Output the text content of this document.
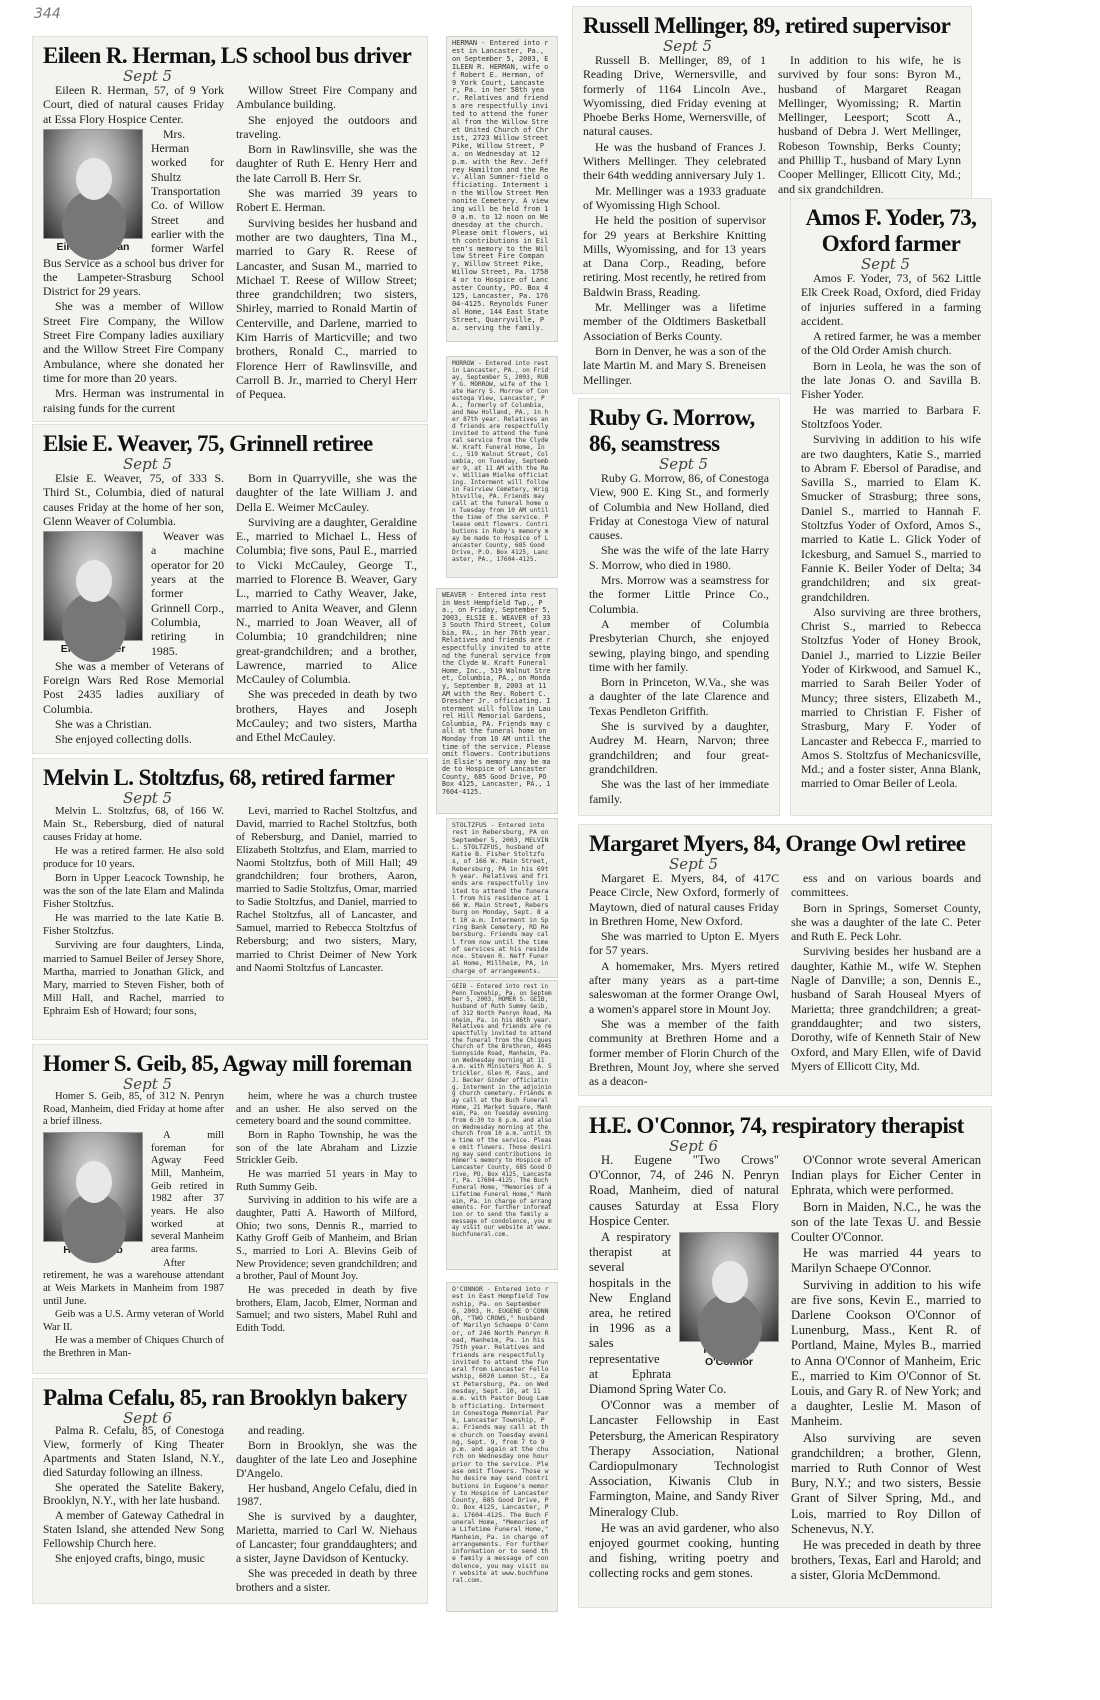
344
Eileen R. Herman, LS school bus driver
Sept 5

Eileen R. Herman, 57, of 9 York Court, died of natural causes Friday at Essa Flory Hospice Center.

Eileen Herman

Mrs. Herman worked for Shultz Transportation Co. of Willow Street and earlier with the former Warfel Bus Service as a school bus driver for the Lampeter-Strasburg School District for 29 years.

She was a member of Willow Street Fire Company, the Willow Street Fire Company ladies auxiliary and the Willow Street Fire Company Ambulance, where she donated her time for more than 20 years.

Mrs. Herman was instrumental in raising funds for the current

Willow Street Fire Company and Ambulance building.

She enjoyed the outdoors and traveling.

Born in Rawlinsville, she was the daughter of Ruth E. Henry Herr and the late Carroll B. Herr Sr.

She was married 39 years to Robert E. Herman.

Surviving besides her husband and mother are two daughters, Tina M., married to Gary R. Reese of Lancaster, and Susan M., married to Michael T. Reese of Willow Street; three grandchildren; two sisters, Shirley, married to Ronald Martin of Centerville, and Darlene, married to Kim Harris of Marticville; and two brothers, Ronald C., married to Florence Herr of Rawlinsville, and Carroll B. Jr., married to Cheryl Herr of Pequea.

Elsie E. Weaver, 75, Grinnell retiree
Sept 5

Elsie E. Weaver, 75, of 333 S. Third St., Columbia, died of natural causes Friday at the home of her son, Glenn Weaver of Columbia.

Elsie Weaver

Weaver was a machine operator for 20 years at the former Grinnell Corp., Columbia, retiring in 1985.

She was a member of Veterans of Foreign Wars Red Rose Memorial Post 2435 ladies auxiliary of Columbia.

She was a Christian.

She enjoyed collecting dolls.

Born in Quarryville, she was the daughter of the late William J. and Della E. Weimer McCauley.

Surviving are a daughter, Geraldine E., married to Michael L. Hess of Columbia; five sons, Paul E., married to Vicki McCauley, George T., married to Florence B. Weaver, Gary L., married to Cathy Weaver, Jake, married to Anita Weaver, and Glenn N., married to Joan Weaver, all of Columbia; 10 grandchildren; nine great-grandchildren; and a brother, Lawrence, married to Alice McCauley of Columbia.

She was preceded in death by two brothers, Hayes and Joseph McCauley; and two sisters, Martha and Ethel McCauley.

Melvin L. Stoltzfus, 68, retired farmer
Sept 5

Melvin L. Stoltzfus, 68, of 166 W. Main St., Rebersburg, died of natural causes Friday at home.

He was a retired farmer. He also sold produce for 10 years.

Born in Upper Leacock Township, he was the son of the late Elam and Malinda Fisher Stoltzfus.

He was married to the late Katie B. Fisher Stoltzfus.

Surviving are four daughters, Linda, married to Samuel Beiler of Jersey Shore, Martha, married to Jonathan Glick, and Mary, married to Steven Fisher, both of Mill Hall, and Rachel, married to Ephraim Esh of Howard; four sons,

Levi, married to Rachel Stoltzfus, and David, married to Rachel Stoltzfus, both of Rebersburg, and Daniel, married to Elizabeth Stoltzfus, and Elam, married to Naomi Stoltzfus, both of Mill Hall; 49 grandchildren; four brothers, Aaron, married to Sadie Stoltzfus, Omar, married to Sadie Stoltzfus, and Daniel, married to Rachel Stoltzfus, all of Lancaster, and Samuel, married to Rebecca Stoltzfus of Rebersburg; and two sisters, Mary, married to Christ Deimer of New York and Naomi Stoltzfus of Lancaster.

Homer S. Geib, 85, Agway mill foreman
Sept 5

Homer S. Geib, 85, of 312 N. Penryn Road, Manheim, died Friday at home after a brief illness.

Homer Geib

A mill foreman for Agway Feed Mill, Manheim, Geib retired in 1982 after 37 years. He also worked at several Manheim area farms.

After retirement, he was a warehouse attendant at Weis Markets in Manheim from 1987 until June.

Geib was a U.S. Army veteran of World War II.

He was a member of Chiques Church of the Brethren in Man-

heim, where he was a church trustee and an usher. He also served on the cemetery board and the sound committee.

Born in Rapho Township, he was the son of the late Abraham and Lizzie Strickler Geib.

He was married 51 years in May to Ruth Summy Geib.

Surviving in addition to his wife are a daughter, Patti A. Haworth of Milford, Ohio; two sons, Dennis R., married to Kathy Groff Geib of Manheim, and Brian S., married to Lori A. Blevins Geib of New Providence; seven grandchildren; and a brother, Paul of Mount Joy.

He was preceded in death by five brothers, Elam, Jacob, Elmer, Norman and Samuel; and two sisters, Mabel Ruhl and Edith Todd.

Palma Cefalu, 85, ran Brooklyn bakery
Sept 6

Palma R. Cefalu, 85, of Conestoga View, formerly of King Theater Apartments and Staten Island, N.Y., died Saturday following an illness.

She operated the Satelite Bakery, Brooklyn, N.Y., with her late husband.

A member of Gateway Cathedral in Staten Island, she attended New Song Fellowship Church here.

She enjoyed crafts, bingo, music

and reading.

Born in Brooklyn, she was the daughter of the late Leo and Josephine D'Angelo.

Her husband, Angelo Cefalu, died in 1987.

She is survived by a daughter, Marietta, married to Carl W. Niehaus of Lancaster; four granddaughters; and a sister, Jayne Davidson of Kentucky.

She was preceded in death by three brothers and a sister.

HERMAN - Entered into rest in Lancaster, Pa., on September 5, 2003, EILEEN R. HERMAN, wife of Robert E. Herman, of 9 York Court, Lancaster, Pa. in her 58th year. Relatives and friends are respectfully invited to attend the funeral from the Willow Street United Church of Christ, 2723 Willow Street Pike, Willow Street, Pa. on Wednesday at 12 p.m. with the Rev. Jeffrey Hamilton and the Rev. Allan Sumner-field officiating. Interment in the Willow Street Mennonite Cemetery. A viewing will be held from 10 a.m. to 12 noon on Wednesday at the church. Please omit flowers, with contributions in Eileen's memory to the Willow Street Fire Company, Willow Street Pike, Willow Street, Pa. 17584 or to Hospice of Lancaster County, PO. Box 4125, Lancaster, Pa. 17604-4125. Reynolds Funeral Home, 144 East State Street, Quarryville, Pa. serving the family.
MORROW - Entered into rest in Lancaster, PA., on Friday, September 5, 2003, RUBY G. MORROW, wife of the late Harry S. Morrow of Conestoga View, Lancaster, PA., formerly of Columbia, and New Holland, PA., in her 87th year. Relatives and friends are respectfully invited to attend the funeral service from the Clyde W. Kraft Funeral Home, Inc., 519 Walnut Street, Columbia, on Tuesday, September 9, at 11 AM with the Rev. William Mielke officiating. Interment will follow in Fairview Cemetery, Wrightsville, PA. Friends may call at the funeral home on Tuesday from 10 AM until the time of the service. Please omit flowers. Contributions in Ruby's memory may be made to Hospice of Lancaster County, 685 Good Drive, P.O. Box 4125, Lancaster, PA., 17604-4125.
WEAVER - Entered into rest in West Hempfield Twp., Pa., on Friday, September 5, 2003, ELSIE E. WEAVER of 333 South Third Street, Columbia, PA., in her 76th year. Relatives and friends are respectfully invited to attend the funeral service from the Clyde W. Kraft Funeral Home, Inc., 519 Walnut Street, Columbia, PA., on Monday, September 8, 2003 at 11 AM with the Rev. Robert C. Drescher Jr. officiating. Interment will follow in Laurel Hill Memorial Gardens, Columbia, PA. Friends may call at the funeral home on Monday from 10 AM until the time of the service. Please omit flowers. Contributions in Elsie's memory may be made to Hospice of Lancaster County, 685 Good Drive, PO Box 4125, Lancaster, PA., 17604-4125.
STOLTZFUS - Entered into rest in Rebersburg, PA on September 5, 2003, MELVIN L. STOLTZFUS, husband of Katie B. Fisher Stoltzfus, of 166 W. Main Street, Rebersburg, PA in his 69th year. Relatives and friends are respectfully invited to attend the funeral from his residence at 166 W. Main Street, Rebersburg on Monday, Sept. 8 at 10 a.m. Interment in Spring Bank Cemetery, RD Rebersburg. Friends may call from now until the time of services at his residence. Steven R. Neff Funeral Home, Millheim, PA, in charge of arrangements.
GEIB - Entered into rest in Penn Township, Pa. on September 5, 2003, HOMER S. GEIB, husband of Ruth Summy Geib, of 312 North Penryn Road, Manheim, Pa. in his 86th year. Relatives and friends are respectfully invited to attend the funeral from the Chiques Church of the Brethren, 4045 Sunnyside Road, Manheim, Pa. on Wednesday morning at 11 a.m. with Ministers Ron A. Strickler, Glen M. Faus, and J. Becker Ginder officiating. Interment in the adjoining church cemetery. Friends may call at the Buch Funeral Home, 21 Market Square, Manheim, Pa. on Tuesday evening from 6:30 to 8 p.m. and also on Wednesday morning at the church from 10 a.m. until the time of the service. Please omit flowers. Those desiring may send contributions in Homer's memory to Hospice of Lancaster County, 685 Good Drive, PO. Box 4125, Lancaster, Pa. 17604-4125. The Buch Funeral Home, "Memories of a Lifetime Funeral Home," Manheim, Pa. in charge of arrangements. For further information or to send the family a message of condolence, you may visit our website at www.buchfuneral.com.
O'CONNOR - Entered into rest in East Hempfield Township, Pa. on September 6, 2003, H. EUGENE O'CONNOR, "TWO CROWS," husband of Marilyn Schaepe O'Connor, of 246 North Penryn Road, Manheim, Pa. in his 75th year. Relatives and friends are respectfully invited to attend the funeral from Lancaster Fellowship, 6020 Lemon St., East Petersburg, Pa. on Wednesday, Sept. 10, at 11 a.m. with Pastor Doug Lamb officiating. Interment in Conestoga Memorial Park, Lancaster Township, Pa. Friends may call at the church on Tuesday evening, Sept. 9, from 7 to 9 p.m. and again at the church on Wednesday one hour prior to the service. Please omit flowers. Those who desire may send contributions in Eugene's memory to Hospice of Lancaster County, 685 Good Drive, PO. Box 4125, Lancaster, Pa. 17604-4125. The Buch Funeral Home, "Memories of a Lifetime Funeral Home," Manheim, Pa. in charge of arrangements. For further information or to send the family a message of condolence, you may visit our website at www.buchfuneral.com.
Russell Mellinger, 89, retired supervisor
Sept 5

Russell B. Mellinger, 89, of 1 Reading Drive, Wernersville, and formerly of 1164 Lincoln Ave., Wyomissing, died Friday evening at Phoebe Berks Home, Wernersville, of natural causes.

He was the husband of Frances J. Withers Mellinger. They celebrated their 64th wedding anniversary July 1.

Mr. Mellinger was a 1933 graduate of Wyomissing High School.

He held the position of supervisor for 29 years at Berkshire Knitting Mills, Wyomissing, and for 13 years at Dana Corp., Reading, before retiring. Most recently, he retired from Baldwin Brass, Reading.

Mr. Mellinger was a lifetime member of the Oldtimers Basketball Association of Berks County.

Born in Denver, he was a son of the late Martin M. and Mary S. Breneisen Mellinger.

In addition to his wife, he is survived by four sons: Byron M., husband of Margaret Reagan Mellinger, Wyomissing; R. Martin Mellinger, Leesport; Scott A., husband of Debra J. Wert Mellinger, Robeson Township, Berks County; and Phillip T., husband of Mary Lynn Cooper Mellinger, Ellicott City, Md.; and six grandchildren.

Amos F. Yoder, 73, Oxford farmer
Sept 5

Amos F. Yoder, 73, of 562 Little Elk Creek Road, Oxford, died Friday of injuries suffered in a farming accident.

A retired farmer, he was a member of the Old Order Amish church.

Born in Leola, he was the son of the late Jonas O. and Savilla B. Fisher Yoder.

He was married to Barbara F. Stoltzfoos Yoder.

Surviving in addition to his wife are two daughters, Katie S., married to Abram F. Ebersol of Paradise, and Savilla S., married to Elam K. Smucker of Strasburg; three sons, Daniel S., married to Hannah F. Stoltzfus Yoder of Oxford, Amos S., married to Katie L. Glick Yoder of Ickesburg, and Samuel S., married to Fannie K. Beiler Yoder of Delta; 34 grandchildren; and six great-grandchildren.

Also surviving are three brothers, Christ S., married to Rebecca Stoltzfus Yoder of Honey Brook, Daniel J., married to Lizzie Beiler Yoder of Kirkwood, and Samuel K., married to Sarah Beiler Yoder of Muncy; three sisters, Elizabeth M., married to Christian F. Fisher of Strasburg, Mary F. Yoder of Lancaster and Rebecca F., married to Amos S. Stoltzfus of Mechanicsville, Md.; and a foster sister, Anna Blank, married to Omar Beiler of Leola.

Ruby G. Morrow, 86, seamstress
Sept 5

Ruby G. Morrow, 86, of Conestoga View, 900 E. King St., and formerly of Columbia and New Holland, died Friday at Conestoga View of natural causes.

She was the wife of the late Harry S. Morrow, who died in 1980.

Mrs. Morrow was a seamstress for the former Little Prince Co., Columbia.

A member of Columbia Presbyterian Church, she enjoyed sewing, playing bingo, and spending time with her family.

Born in Princeton, W.Va., she was a daughter of the late Clarence and Texas Pendleton Griffith.

She is survived by a daughter, Audrey M. Hearn, Narvon; three grandchildren; and four great-grandchildren.

She was the last of her immediate family.

Margaret Myers, 84, Orange Owl retiree
Sept 5

Margaret E. Myers, 84, of 417C Peace Circle, New Oxford, formerly of Maytown, died of natural causes Friday in Brethren Home, New Oxford.

She was married to Upton E. Myers for 57 years.

A homemaker, Mrs. Myers retired after many years as a part-time saleswoman at the former Orange Owl, a women's apparel store in Mount Joy.

She was a member of the faith community at Brethren Home and a former member of Florin Church of the Brethren, Mount Joy, where she served as a deacon-

ess and on various boards and committees.

Born in Springs, Somerset County, she was a daughter of the late C. Peter and Ruth E. Peck Lohr.

Surviving besides her husband are a daughter, Kathie M., wife W. Stephen Nagle of Danville; a son, Dennis E., husband of Sarah Houseal Myers of Marietta; three grandchildren; a great-granddaughter; and two sisters, Dorothy, wife of Kenneth Stair of New Oxford, and Mary Ellen, wife of David Myers of Ellicott City, Md.

H.E. O'Connor, 74, respiratory therapist
Sept 6

H. Eugene "Two Crows" O'Connor, 74, of 246 N. Penryn Road, Manheim, died of natural causes Saturday at Essa Flory Hospice Center.

H. Eugene O'Connor

A respiratory therapist at several hospitals in the New England area, he retired in 1996 as a sales representative at Ephrata Diamond Spring Water Co.

O'Connor was a member of Lancaster Fellowship in East Petersburg, the American Respiratory Therapy Association, National Cardiopulmonary Technologist Association, Kiwanis Club in Farmington, Maine, and Sandy River Mineralogy Club.

He was an avid gardener, who also enjoyed gourmet cooking, hunting and fishing, writing poetry and collecting rocks and gem stones.

O'Connor wrote several American Indian plays for Eicher Center in Ephrata, which were performed.

Born in Maiden, N.C., he was the son of the late Texas U. and Bessie Coulter O'Connor.

He was married 44 years to Marilyn Schaepe O'Connor.

Surviving in addition to his wife are five sons, Kevin E., married to Darlene Cookson O'Connor of Lunenburg, Mass., Kent R. of Portland, Maine, Myles B., married to Anna O'Connor of Manheim, Eric E., married to Kim O'Connor of St. Louis, and Gary R. of New York; and a daughter, Leslie M. Mason of Manheim.

Also surviving are seven grandchildren; a brother, Glenn, married to Ruth Connor of West Bury, N.Y.; and two sisters, Bessie Grant of Silver Spring, Md., and Lois, married to Roy Dillon of Schenevus, N.Y.

He was preceded in death by three brothers, Texas, Earl and Harold; and a sister, Gloria McDemmond.
